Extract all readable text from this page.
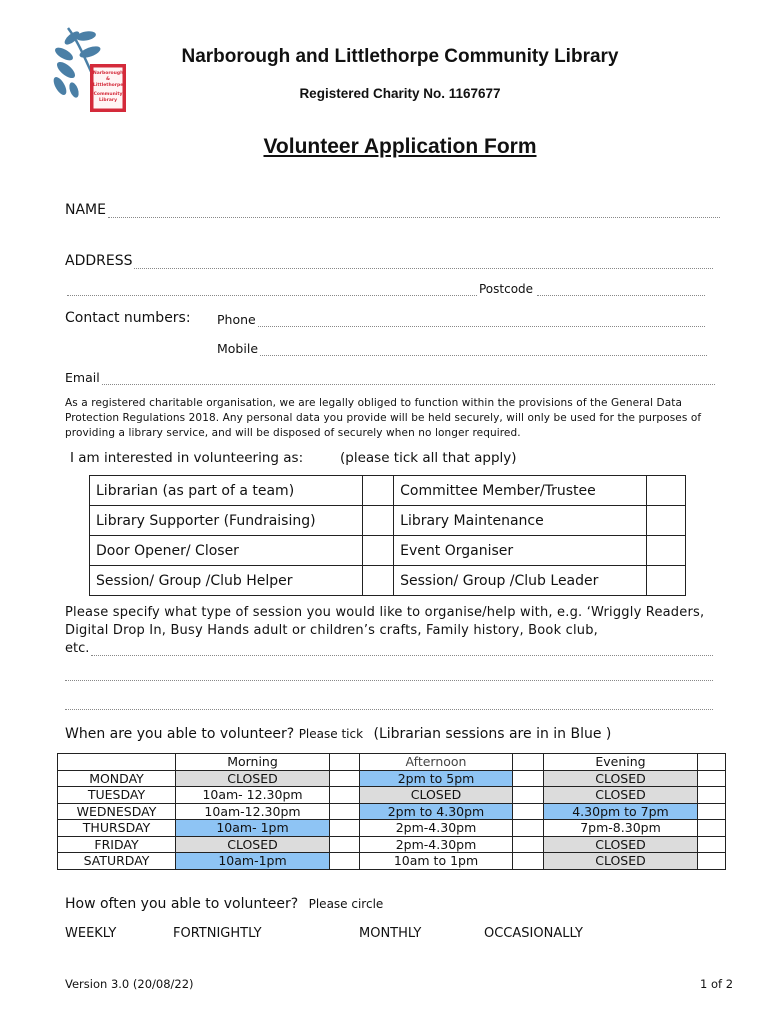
Narborough
&
Littlethorpe
Community
Library
Narborough and Littlethorpe Community Library
Registered Charity No. 1167677
Volunteer Application Form
NAME
ADDRESS
Postcode
Contact numbers: Phone
Mobile
Email
As a registered charitable organisation, we are legally obliged to function within the provisions of the General Data Protection Regulations 2018. Any personal data you provide will be held securely, will only be used for the purposes of providing a library service, and will be disposed of securely when no longer required.
I am interested in volunteering as:	(please tick all that apply)
Librarian (as part of a team)		Committee Member/Trustee	
Library Supporter (Fundraising)		Library Maintenance	
Door Opener/ Closer		Event Organiser	
Session/ Group /Club Helper		Session/ Group /Club Leader	
Please specify what type of session you would like to organise/help with, e.g. ‘Wriggly Readers, Digital Drop In, Busy Hands adult or children’s crafts, Family history, Book club,
etc.
When are you able to volunteer? Please tick (Librarian sessions are in in Blue )
	Morning		Afternoon		Evening	
MONDAY	CLOSED		2pm to 5pm		CLOSED	
TUESDAY	10am- 12.30pm		CLOSED		CLOSED	
WEDNESDAY	10am-12.30pm		2pm to 4.30pm		4.30pm to 7pm	
THURSDAY	10am- 1pm		2pm-4.30pm		7pm-8.30pm	
FRIDAY	CLOSED		2pm-4.30pm		CLOSED	
SATURDAY	10am-1pm		10am to 1pm		CLOSED	
How often you able to volunteer? Please circle
WEEKLY	FORTNIGHTLY	MONTHLY	OCCASIONALLY
Version 3.0 (20/08/22)	1 of 2
